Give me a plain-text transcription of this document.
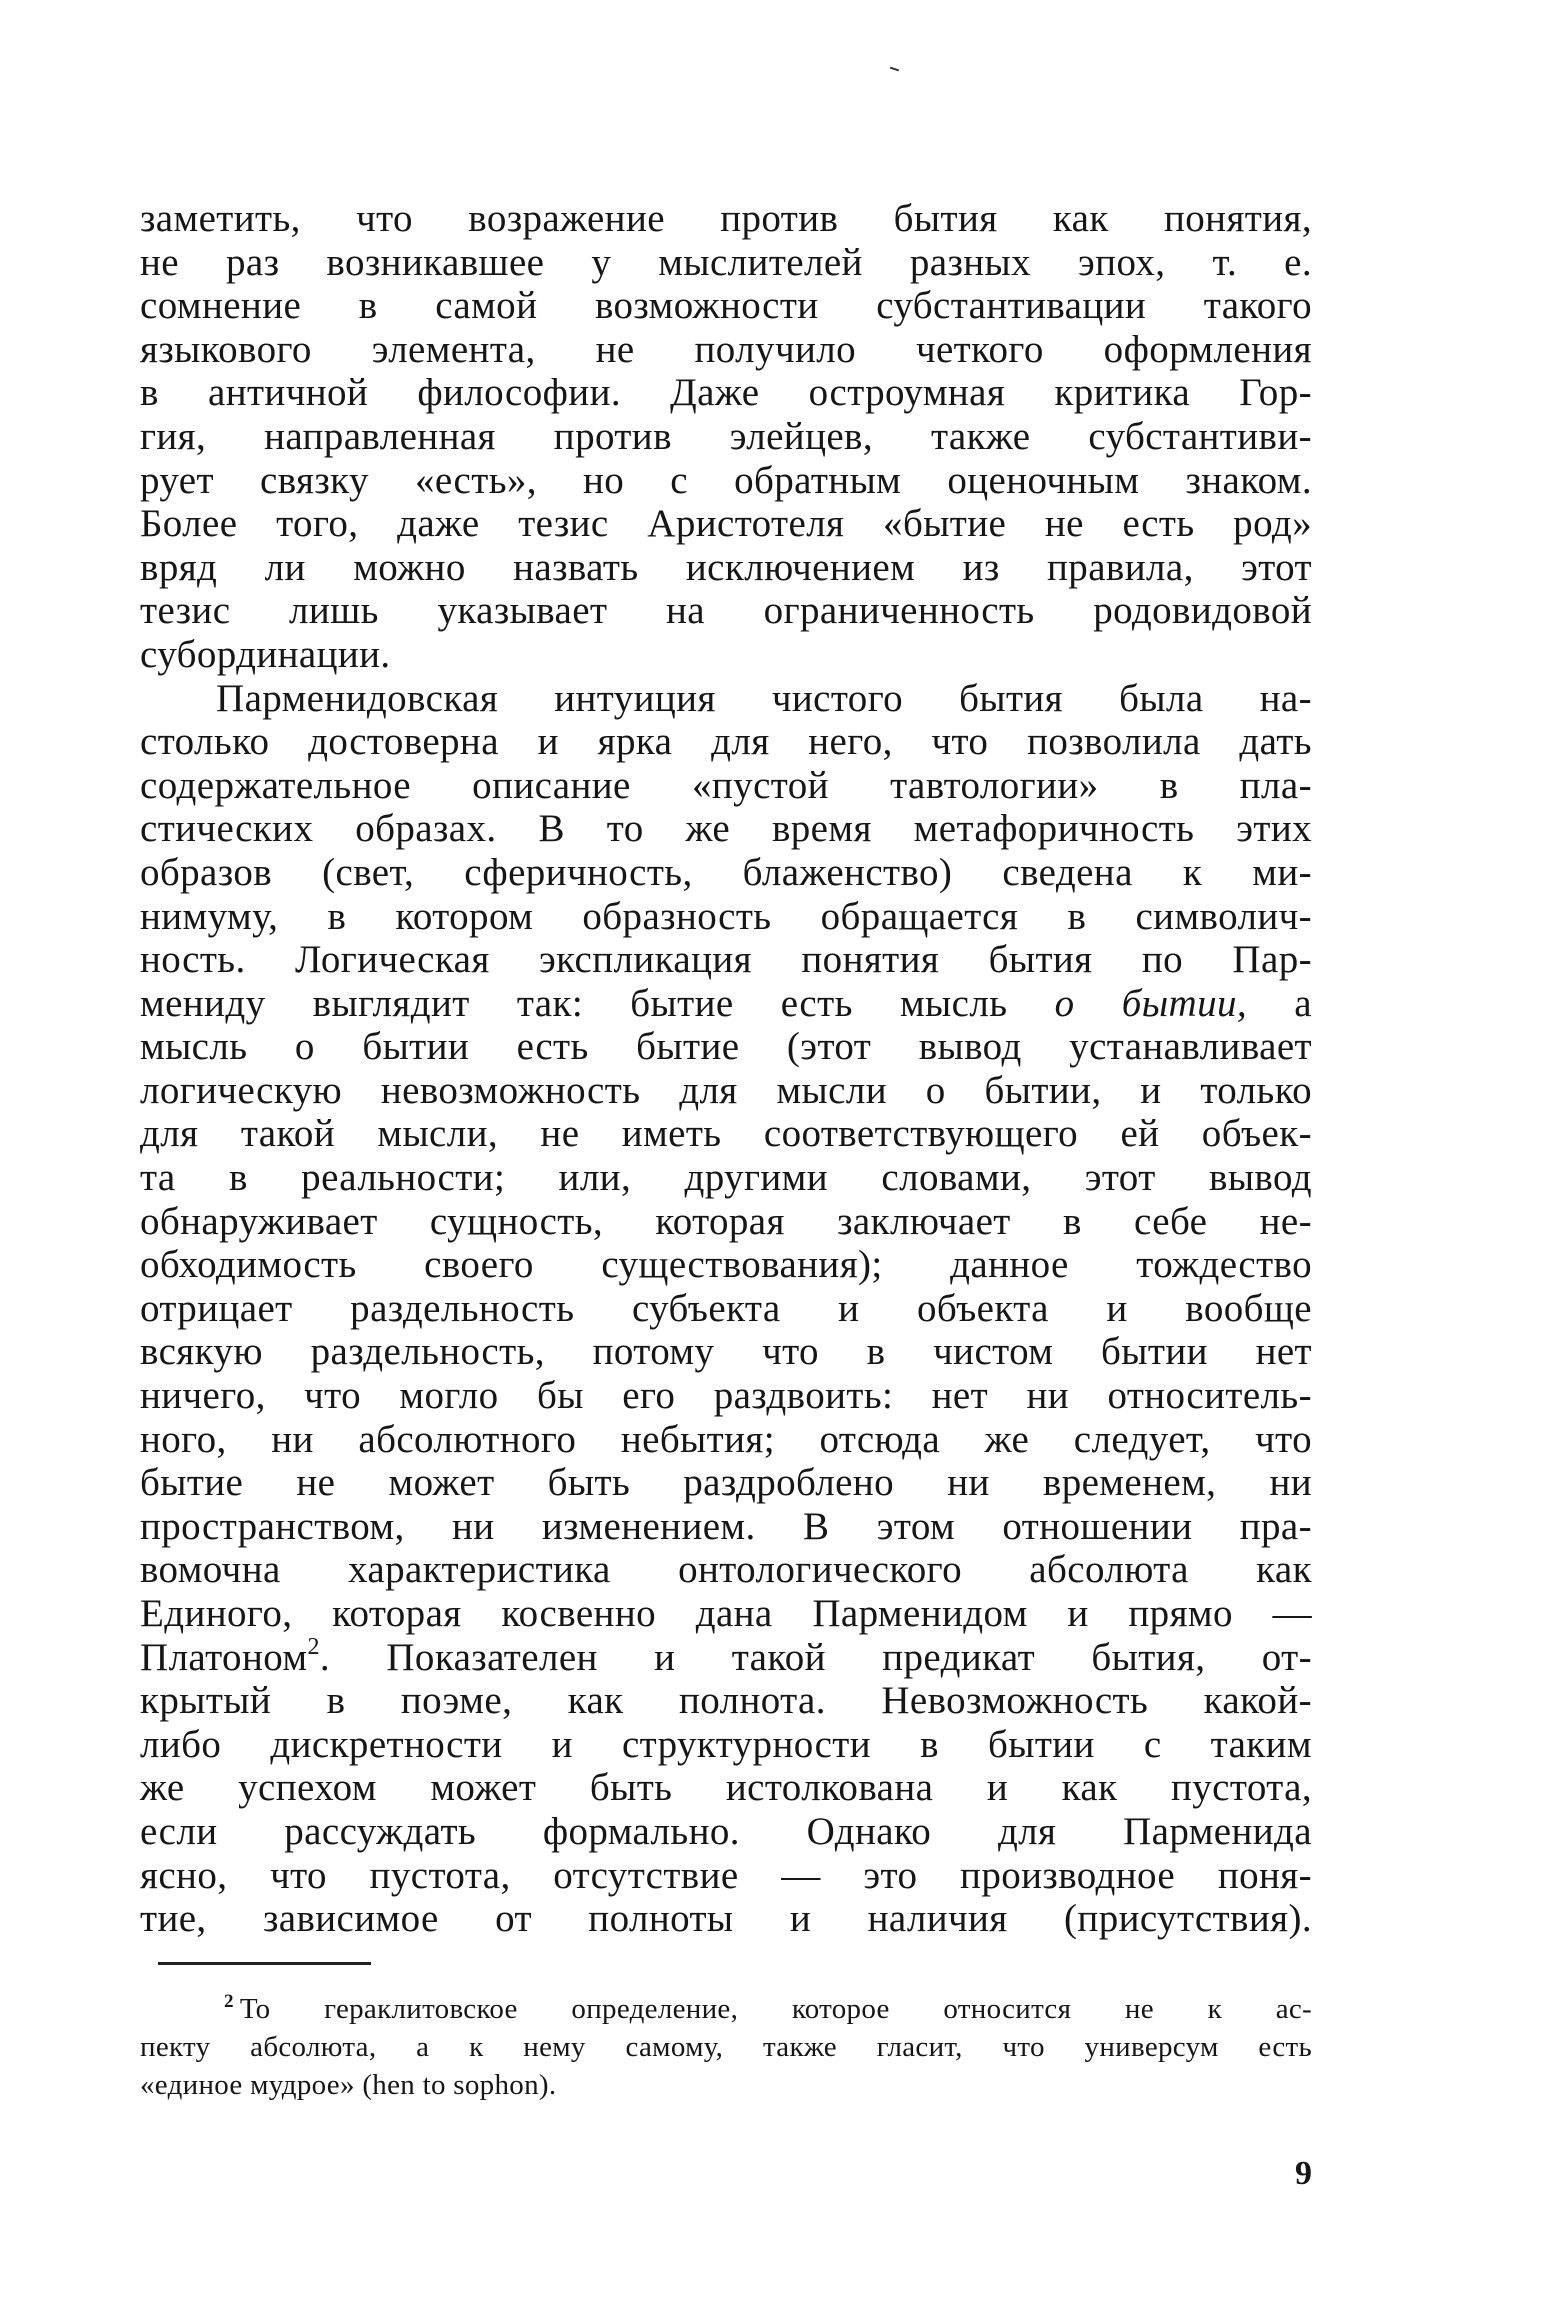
заметить, что возражение против бытия как понятия,
не раз возникавшее у мыслителей разных эпох, т. е.
сомнение в самой возможности субстантивации такого
языкового элемента, не получило четкого оформления
в античной философии. Даже остроумная критика Гор-
гия, направленная против элейцев, также субстантиви-
рует связку «есть», но с обратным оценочным знаком.
Более того, даже тезис Аристотеля «бытие не есть род»
вряд ли можно назвать исключением из правила, этот
тезис лишь указывает на ограниченность родовидовой
субординации.
Парменидовская интуиция чистого бытия была на-
столько достоверна и ярка для него, что позволила дать
содержательное описание «пустой тавтологии» в пла-
стических образах. В то же время метафоричность этих
образов (свет, сферичность, блаженство) сведена к ми-
нимуму, в котором образность обращается в символич-
ность. Логическая экспликация понятия бытия по Пар-
мениду выглядит так: бытие есть мысль о бытии, а
мысль о бытии есть бытие (этот вывод устанавливает
логическую невозможность для мысли о бытии, и только
для такой мысли, не иметь соответствующего ей объек-
та в реальности; или, другими словами, этот вывод
обнаруживает сущность, которая заключает в себе не-
обходимость своего существования); данное тождество
отрицает раздельность субъекта и объекта и вообще
всякую раздельность, потому что в чистом бытии нет
ничего, что могло бы его раздвоить: нет ни относитель-
ного, ни абсолютного небытия; отсюда же следует, что
бытие не может быть раздроблено ни временем, ни
пространством, ни изменением. В этом отношении пра-
вомочна характеристика онтологического абсолюта как
Единого, которая косвенно дана Парменидом и прямо —
Платоном$^2$. Показателен и такой предикат бытия, от-
крытый в поэме, как полнота. Невозможность какой-
либо дискретности и структурности в бытии с таким
же успехом может быть истолкована и как пустота,
если рассуждать формально. Однако для Парменида
ясно, что пустота, отсутствие — это производное поня-
тие, зависимое от полноты и наличия (присутствия).
$^2$ То гераклитовское определение, которое относится не к ас-
пекту абсолюта, а к нему самому, также гласит, что универсум есть
«единое мудрое» (hen to sophon).
9
